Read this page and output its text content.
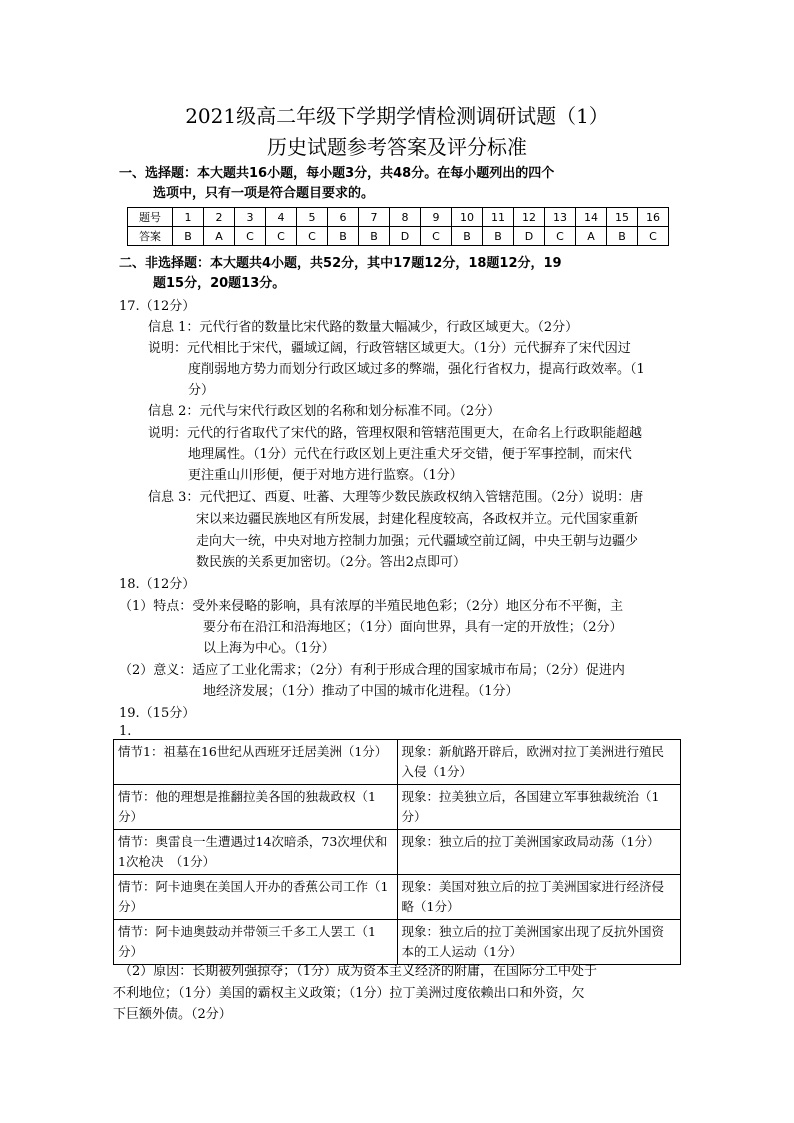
2021级高二年级下学期学情检测调研试题（1）
历史试题参考答案及评分标准
一、选择题：本大题共16小题，每小题3分，共48分。在每小题列出的四个
选项中，只有一项是符合题目要求的。
题号	1	2	3	4	5	6	7	8	9	10	11	12	13	14	15	16
答案	B	A	C	C	C	B	B	D	C	B	B	D	C	A	B	C
二、非选择题：本大题共4小题，共52分，其中17题12分，18题12分，19
题15分，20题13分。
17.（12分）
信息 1：元代行省的数量比宋代路的数量大幅减少，行政区域更大。（2分）
说明：元代相比于宋代，疆域辽阔，行政管辖区域更大。（1分）元代摒弃了宋代因过
度削弱地方势力而划分行政区域过多的弊端，强化行省权力，提高行政效率。（1
分）
信息 2：元代与宋代行政区划的名称和划分标准不同。（2分）
说明：元代的行省取代了宋代的路，管理权限和管辖范围更大，在命名上行政职能超越
地理属性。（1分）元代在行政区划上更注重犬牙交错，便于军事控制，而宋代
更注重山川形便，便于对地方进行监察。（1分）
信息 3：元代把辽、西夏、吐蕃、大理等少数民族政权纳入管辖范围。（2分）说明：唐
宋以来边疆民族地区有所发展，封建化程度较高，各政权并立。元代国家重新
走向大一统，中央对地方控制力加强；元代疆域空前辽阔，中央王朝与边疆少
数民族的关系更加密切。（2分。答出2点即可）
18.（12分）
（1）特点：受外来侵略的影响，具有浓厚的半殖民地色彩；（2分）地区分布不平衡，主
要分布在沿江和沿海地区；（1分）面向世界，具有一定的开放性；（2分）
以上海为中心。（1分）
（2）意义：适应了工业化需求；（2分）有利于形成合理的国家城市布局；（2分）促进内
地经济发展；（1分）推动了中国的城市化进程。（1分）
19.（15分）
1.
情节1：祖墓在16世纪从西班牙迁居美洲（1分）	现象：新航路开辟后，欧洲对拉丁美洲进行殖民入侵（1分）
情节：他的理想是推翻拉美各国的独裁政权（1分）	现象：拉美独立后，各国建立军事独裁统治（1分）
情节：奥雷良一生遭遇过14次暗杀，73次埋伏和1次枪决　（1分）	现象：独立后的拉丁美洲国家政局动荡（1分）
情节：阿卡迪奥在美国人开办的香蕉公司工作（1分）	现象：美国对独立后的拉丁美洲国家进行经济侵略（1分）
情节：阿卡迪奥鼓动并带领三千多工人罢工（1分）	现象：独立后的拉丁美洲国家出现了反抗外国资本的工人运动（1分）
（2）原因：长期被列强掠夺；（1分）成为资本主义经济的附庸，在国际分工中处于
不利地位；（1分）美国的霸权主义政策；（1分）拉丁美洲过度依赖出口和外资，欠
下巨额外债。（2分）
